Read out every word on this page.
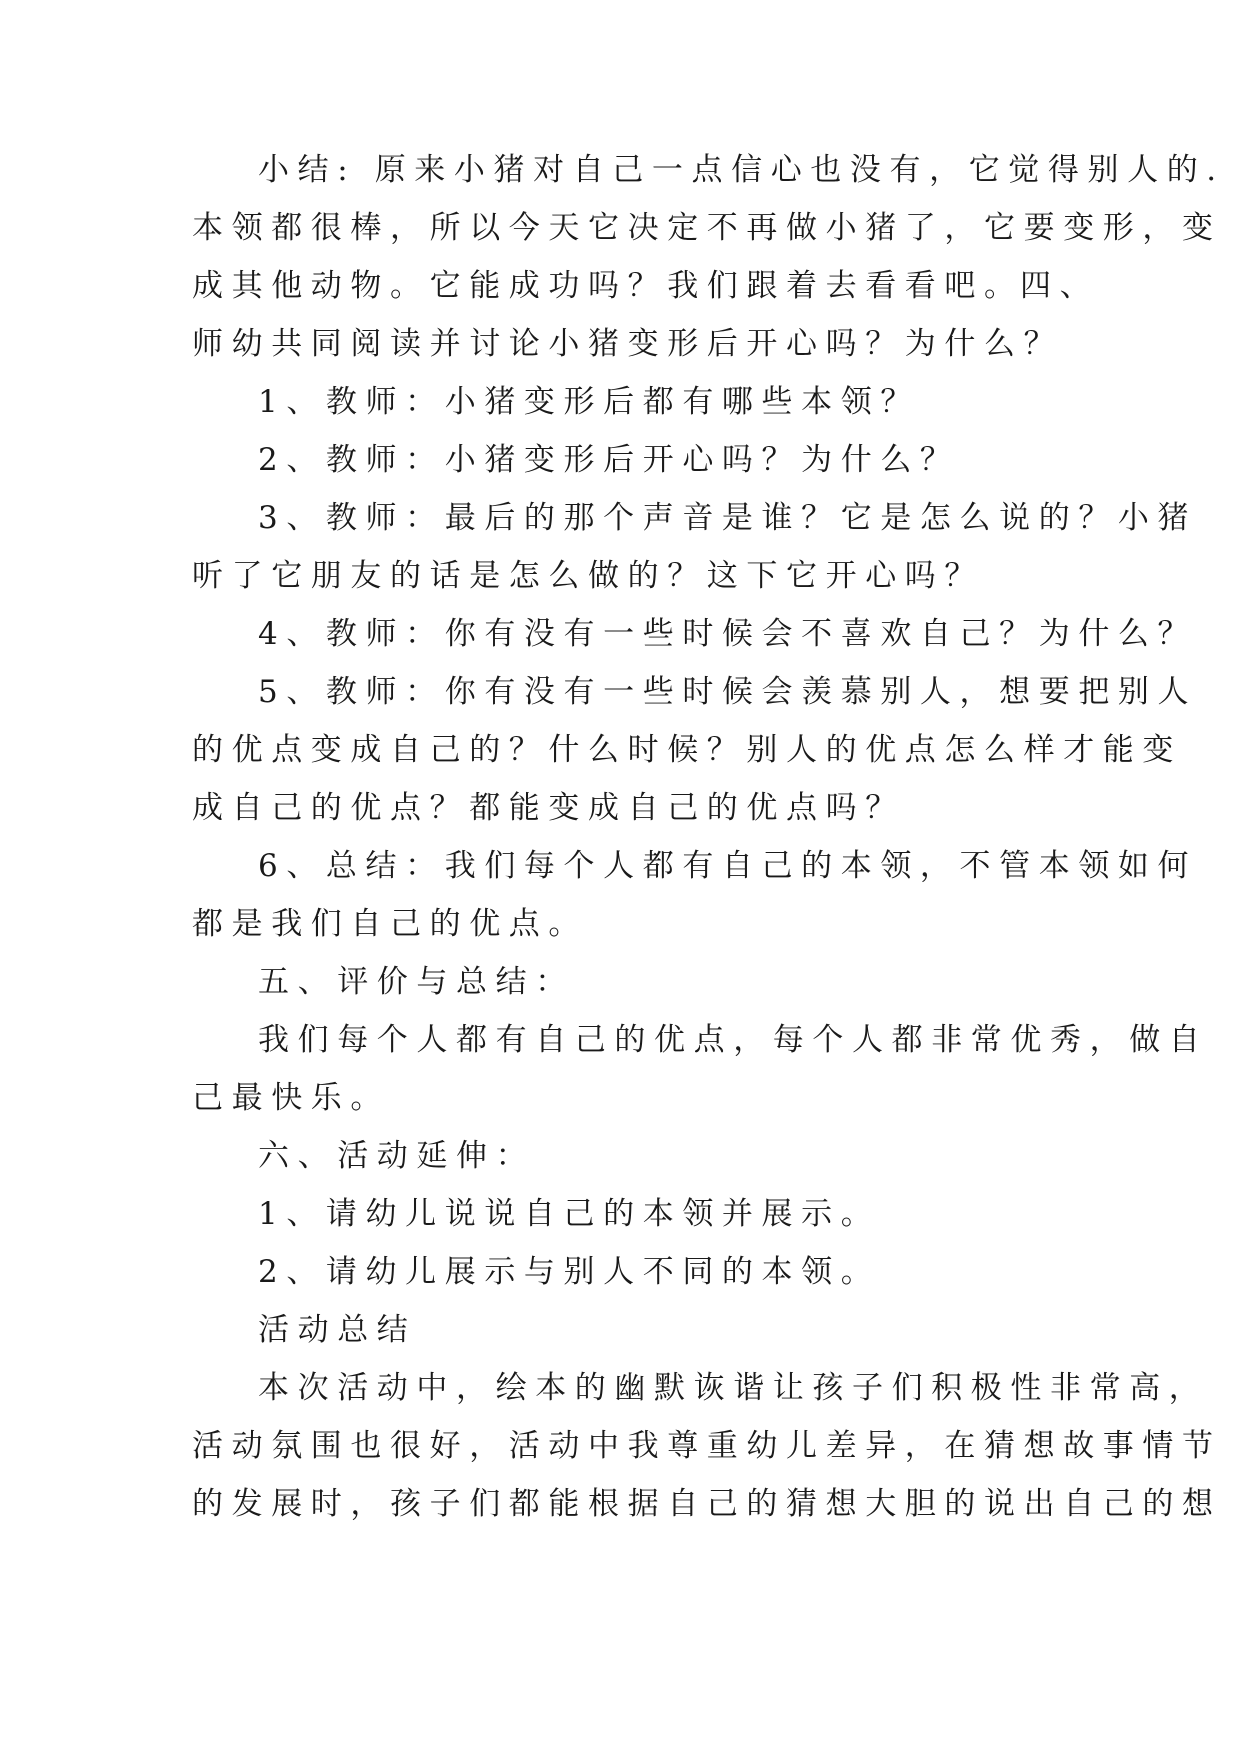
小结: 原来小猪对自己一点信心也没有，它觉得别人的.
本领都很棒，所以今天它决定不再做小猪了，它要变形，变
成其他动物。它能成功吗？我们跟着去看看吧。
四、
师幼共同阅读并讨论小猪变形后开心吗？为什么？
1、教师：小猪变形后都有哪些本领？
2、教师：小猪变形后开心吗？为什么？
3、教师：最后的那个声音是谁？它是怎么说的？小猪
听了它朋友的话是怎么做的？这下它开心吗？
4、教师：你有没有一些时候会不喜欢自己？为什么？
5、教师：你有没有一些时候会羡慕别人，想要把别人
的优点变成自己的？什么时候？别人的优点怎么样才能变
成自己的优点？都能变成自己的优点吗？
6、总结：我们每个人都有自己的本领，不管本领如何
都是我们自己的优点。
五、评价与总结：
我们每个人都有自己的优点，每个人都非常优秀，做自
己最快乐。
六、活动延伸：
1、请幼儿说说自己的本领并展示。
2、请幼儿展示与别人不同的本领。
活动总结
本次活动中，绘本的幽默诙谐让孩子们积极性非常高，
活动氛围也很好，活动中我尊重幼儿差异，在猜想故事情节
的发展时，孩子们都能根据自己的猜想大胆的说出自己的想
